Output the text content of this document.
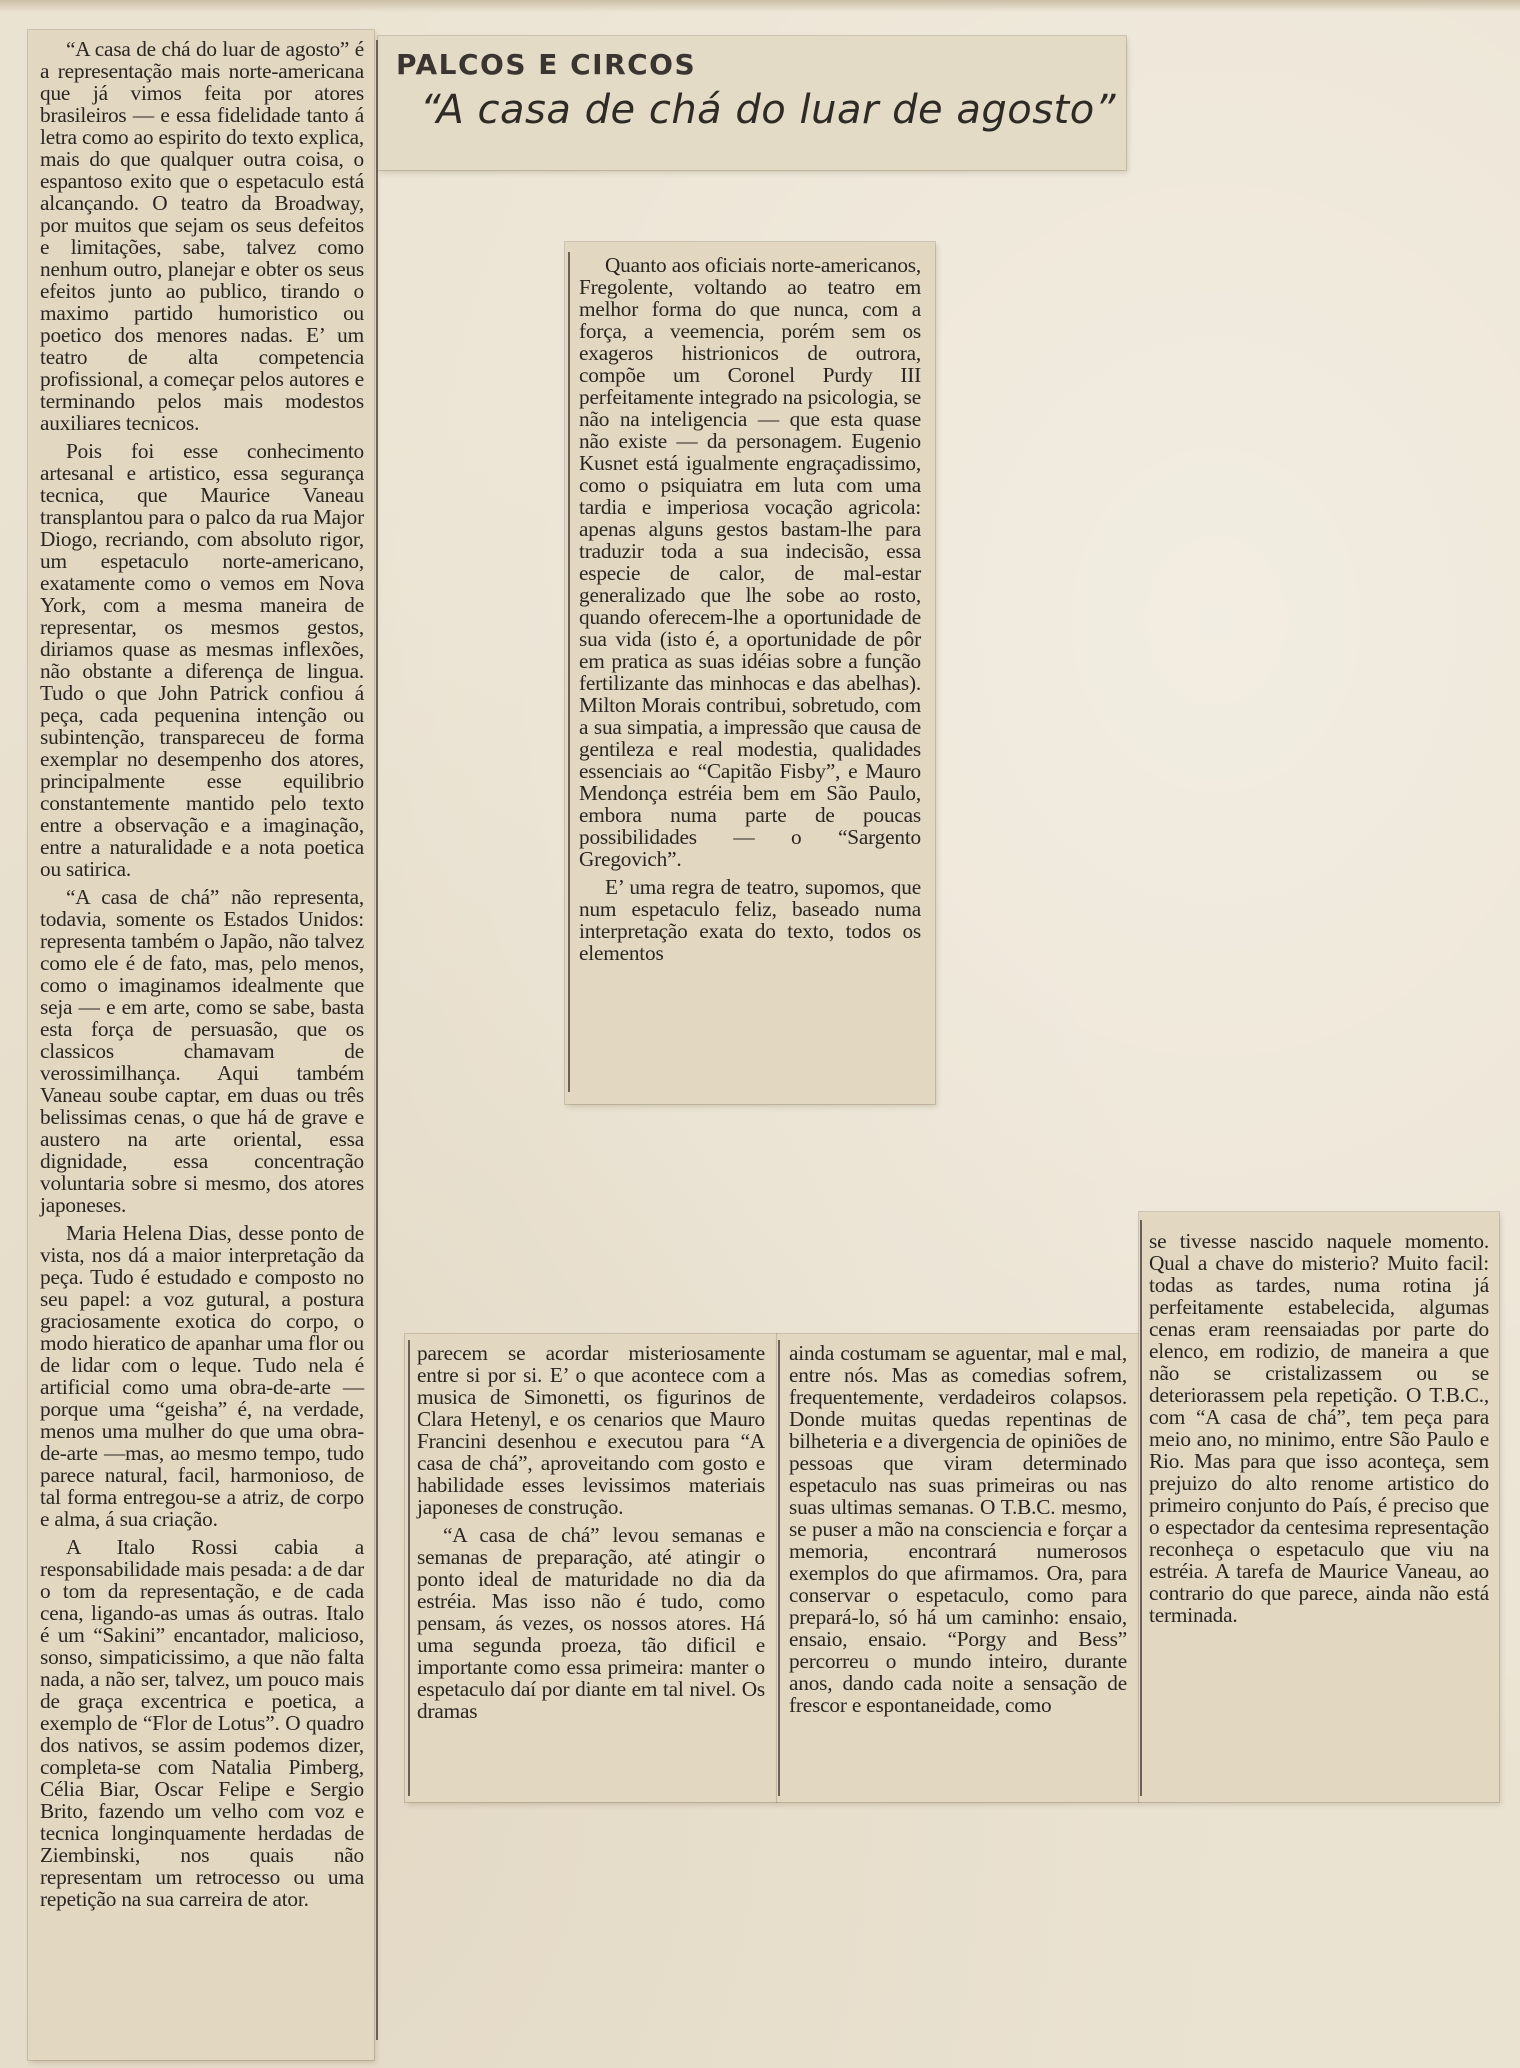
PALCOS E CIRCOS
“A casa de chá do luar de agosto”

“A casa de chá do luar de agosto” é a representação mais norte-americana que já vimos feita por atores brasileiros — e essa fidelidade tanto á letra como ao espirito do texto explica, mais do que qualquer outra coisa, o espantoso exito que o espetaculo está alcançando. O teatro da Broadway, por muitos que sejam os seus defeitos e limitações, sabe, talvez como nenhum outro, planejar e obter os seus efeitos junto ao publico, tirando o maximo partido humoristico ou poetico dos menores nadas. E’ um teatro de alta competencia profissional, a começar pelos autores e terminando pelos mais modestos auxiliares tecnicos.

Pois foi esse conhecimento artesanal e artistico, essa segurança tecnica, que Maurice Vaneau transplantou para o palco da rua Major Diogo, recriando, com absoluto rigor, um espetaculo norte-americano, exatamente como o vemos em Nova York, com a mesma maneira de representar, os mesmos gestos, diriamos quase as mesmas inflexões, não obstante a diferença de lingua. Tudo o que John Patrick confiou á peça, cada pequenina intenção ou subintenção, transpareceu de forma exemplar no desempenho dos atores, principalmente esse equilibrio constantemente mantido pelo texto entre a observação e a imaginação, entre a naturalidade e a nota poetica ou satirica.

“A casa de chá” não representa, todavia, somente os Estados Unidos: representa também o Japão, não talvez como ele é de fato, mas, pelo menos, como o imaginamos idealmente que seja — e em arte, como se sabe, basta esta força de persuasão, que os classicos chamavam de verossimilhança. Aqui também Vaneau soube captar, em duas ou três belissimas cenas, o que há de grave e austero na arte oriental, essa dignidade, essa concentração voluntaria sobre si mesmo, dos atores japoneses.

Maria Helena Dias, desse ponto de vista, nos dá a maior interpretação da peça. Tudo é estudado e composto no seu papel: a voz gutural, a postura graciosamente exotica do corpo, o modo hieratico de apanhar uma flor ou de lidar com o leque. Tudo nela é artificial como uma obra-de-arte — porque uma “geisha” é, na verdade, menos uma mulher do que uma obra-de-arte —mas, ao mesmo tempo, tudo parece natural, facil, harmonioso, de tal forma entregou-se a atriz, de corpo e alma, á sua criação.

A Italo Rossi cabia a responsabilidade mais pesada: a de dar o tom da representação, e de cada cena, ligando-as umas ás outras. Italo é um “Sakini” encantador, malicioso, sonso, simpaticissimo, a que não falta nada, a não ser, talvez, um pouco mais de graça excentrica e poetica, a exemplo de “Flor de Lotus”. O quadro dos nativos, se assim podemos dizer, completa-se com Natalia Pimberg, Célia Biar, Oscar Felipe e Sergio Brito, fazendo um velho com voz e tecnica longinquamente herdadas de Ziembinski, nos quais não representam um retrocesso ou uma repetição na sua carreira de ator.

Quanto aos oficiais norte-americanos, Fregolente, voltando ao teatro em melhor forma do que nunca, com a força, a veemencia, porém sem os exageros histrionicos de outrora, compõe um Coronel Purdy III perfeitamente integrado na psicologia, se não na inteligencia — que esta quase não existe — da personagem. Eugenio Kusnet está igualmente engraçadissimo, como o psiquiatra em luta com uma tardia e imperiosa vocação agricola: apenas alguns gestos bastam-lhe para traduzir toda a sua indecisão, essa especie de calor, de mal-estar generalizado que lhe sobe ao rosto, quando oferecem-lhe a oportunidade de sua vida (isto é, a oportunidade de pôr em pratica as suas idéias sobre a função fertilizante das minhocas e das abelhas). Milton Morais contribui, sobretudo, com a sua simpatia, a impressão que causa de gentileza e real modestia, qualidades essenciais ao “Capitão Fisby”, e Mauro Mendonça estréia bem em São Paulo, embora numa parte de poucas possibilidades — o “Sargento Gregovich”.

E’ uma regra de teatro, supomos, que num espetaculo feliz, baseado numa interpretação exata do texto, todos os elementos

parecem se acordar misteriosamente entre si por si. E’ o que acontece com a musica de Simonetti, os figurinos de Clara Hetenyl, e os cenarios que Mauro Francini desenhou e executou para “A casa de chá”, aproveitando com gosto e habilidade esses levissimos materiais japoneses de construção.

“A casa de chá” levou semanas e semanas de preparação, até atingir o ponto ideal de maturidade no dia da estréia. Mas isso não é tudo, como pensam, ás vezes, os nossos atores. Há uma segunda proeza, tão dificil e importante como essa primeira: manter o espetaculo daí por diante em tal nivel. Os dramas

ainda costumam se aguentar, mal e mal, entre nós. Mas as comedias sofrem, frequentemente, verdadeiros colapsos. Donde muitas quedas repentinas de bilheteria e a divergencia de opiniões de pessoas que viram determinado espetaculo nas suas primeiras ou nas suas ultimas semanas. O T.B.C. mesmo, se puser a mão na consciencia e forçar a memoria, encontrará numerosos exemplos do que afirmamos. Ora, para conservar o espetaculo, como para prepará-lo, só há um caminho: ensaio, ensaio, ensaio. “Porgy and Bess” percorreu o mundo inteiro, durante anos, dando cada noite a sensação de frescor e espontaneidade, como

se tivesse nascido naquele momento. Qual a chave do misterio? Muito facil: todas as tardes, numa rotina já perfeitamente estabelecida, algumas cenas eram reensaiadas por parte do elenco, em rodizio, de maneira a que não se cristalizassem ou se deteriorassem pela repetição. O T.B.C., com “A casa de chá”, tem peça para meio ano, no minimo, entre São Paulo e Rio. Mas para que isso aconteça, sem prejuizo do alto renome artistico do primeiro conjunto do País, é preciso que o espectador da centesima representação reconheça o espetaculo que viu na estréia. A tarefa de Maurice Vaneau, ao contrario do que parece, ainda não está terminada.
